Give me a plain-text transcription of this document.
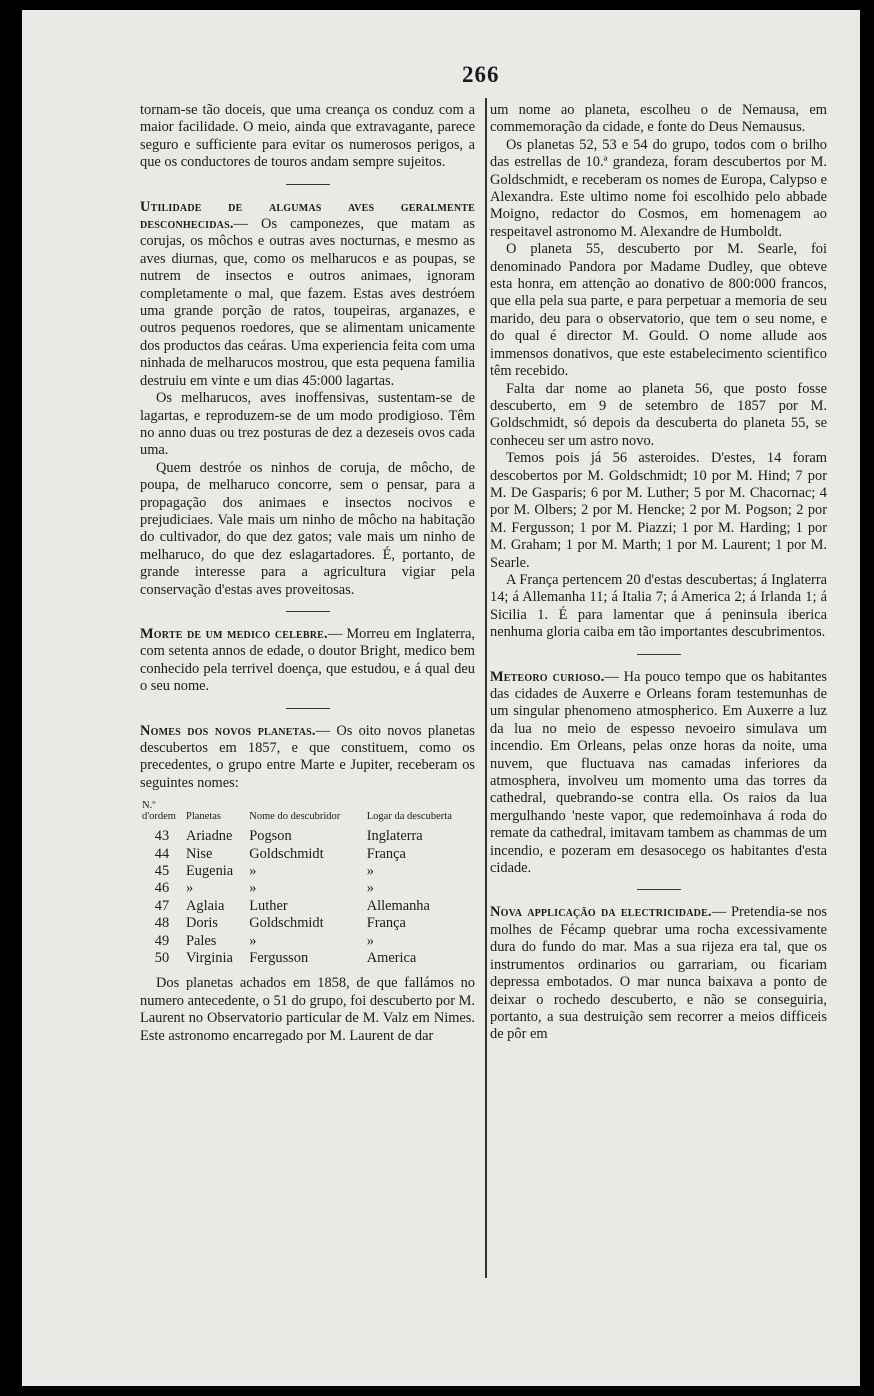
266

tornam-se tão doceis, que uma creança os conduz com a maior facilidade. O meio, ainda que extravagante, parece seguro e sufficiente para evitar os numerosos perigos, a que os conductores de touros andam sempre sujeitos.

Utilidade de algumas aves geralmente desconhecidas.— Os camponezes, que matam as corujas, os môchos e outras aves nocturnas, e mesmo as aves diurnas, que, como os melharucos e as poupas, se nutrem de insectos e outros animaes, ignoram completamente o mal, que fazem. Estas aves destróem uma grande porção de ratos, toupeiras, arganazes, e outros pequenos roedores, que se alimentam unicamente dos productos das ceáras. Uma experiencia feita com uma ninhada de melharucos mostrou, que esta pequena familia destruiu em vinte e um dias 45:000 lagartas.

Os melharucos, aves inoffensivas, sustentam-se de lagartas, e reproduzem-se de um modo prodigioso. Têm no anno duas ou trez posturas de dez a dezeseis ovos cada uma.

Quem destróe os ninhos de coruja, de môcho, de poupa, de melharuco concorre, sem o pensar, para a propagação dos animaes e insectos nocivos e prejudiciaes. Vale mais um ninho de môcho na habitação do cultivador, do que dez gatos; vale mais um ninho de melharuco, do que dez eslagartadores. É, portanto, de grande interesse para a agricultura vigiar pela conservação d'estas aves proveitosas.

Morte de um medico celebre.— Morreu em Inglaterra, com setenta annos de edade, o doutor Bright, medico bem conhecido pela terrivel doença, que estudou, e á qual deu o seu nome.

Nomes dos novos planetas.— Os oito novos planetas descubertos em 1857, e que constituem, como os precedentes, o grupo entre Marte e Jupiter, receberam os seguintes nomes:

N.º d'ordem	Planetas	Nome do descubridor	Logar da descuberta
43	Ariadne	Pogson	Inglaterra
44	Nise	Goldschmidt	França
45	Eugenia	»	»
46	»	»	»
47	Aglaia	Luther	Allemanha
48	Doris	Goldschmidt	França
49	Pales	»	»
50	Virginia	Fergusson	America

Dos planetas achados em 1858, de que fallámos no numero antecedente, o 51 do grupo, foi descuberto por M. Laurent no Observatorio particular de M. Valz em Nimes. Este astronomo encarregado por M. Laurent de dar

um nome ao planeta, escolheu o de Nemausa, em commemoração da cidade, e fonte do Deus Nemausus.

Os planetas 52, 53 e 54 do grupo, todos com o brilho das estrellas de 10.ª grandeza, foram descubertos por M. Goldschmidt, e receberam os nomes de Europa, Calypso e Alexandra. Este ultimo nome foi escolhido pelo abbade Moigno, redactor do Cosmos, em homenagem ao respeitavel astronomo M. Alexandre de Humboldt.

O planeta 55, descuberto por M. Searle, foi denominado Pandora por Madame Dudley, que obteve esta honra, em attenção ao donativo de 800:000 francos, que ella pela sua parte, e para perpetuar a memoria de seu marido, deu para o observatorio, que tem o seu nome, e do qual é director M. Gould. O nome allude aos immensos donativos, que este estabelecimento scientifico têm recebido.

Falta dar nome ao planeta 56, que posto fosse descuberto, em 9 de setembro de 1857 por M. Goldschmidt, só depois da descuberta do planeta 55, se conheceu ser um astro novo.

Temos pois já 56 asteroides. D'estes, 14 foram descobertos por M. Goldschmidt; 10 por M. Hind; 7 por M. De Gasparis; 6 por M. Luther; 5 por M. Chacornac; 4 por M. Olbers; 2 por M. Hencke; 2 por M. Pogson; 2 por M. Fergusson; 1 por M. Piazzi; 1 por M. Harding; 1 por M. Graham; 1 por M. Marth; 1 por M. Laurent; 1 por M. Searle.

A França pertencem 20 d'estas descubertas; á Inglaterra 14; á Allemanha 11; á Italia 7; á America 2; á Irlanda 1; á Sicilia 1. É para lamentar que á peninsula iberica nenhuma gloria caiba em tão importantes descubrimentos.

Meteoro curioso.— Ha pouco tempo que os habitantes das cidades de Auxerre e Orleans foram testemunhas de um singular phenomeno atmospherico. Em Auxerre a luz da lua no meio de espesso nevoeiro simulava um incendio. Em Orleans, pelas onze horas da noite, uma nuvem, que fluctuava nas camadas inferiores da atmosphera, involveu um momento uma das torres da cathedral, quebrando-se contra ella. Os raios da lua mergulhando 'neste vapor, que redemoinhava á roda do remate da cathedral, imitavam tambem as chammas de um incendio, e pozeram em desasocego os habitantes d'esta cidade.

Nova applicação da electricidade.— Pretendia-se nos molhes de Fécamp quebrar uma rocha excessivamente dura do fundo do mar. Mas a sua rijeza era tal, que os instrumentos ordinarios ou garrariam, ou ficariam depressa embotados. O mar nunca baixava a ponto de deixar o rochedo descuberto, e não se conseguiria, portanto, a sua destruição sem recorrer a meios difficeis de pôr em
